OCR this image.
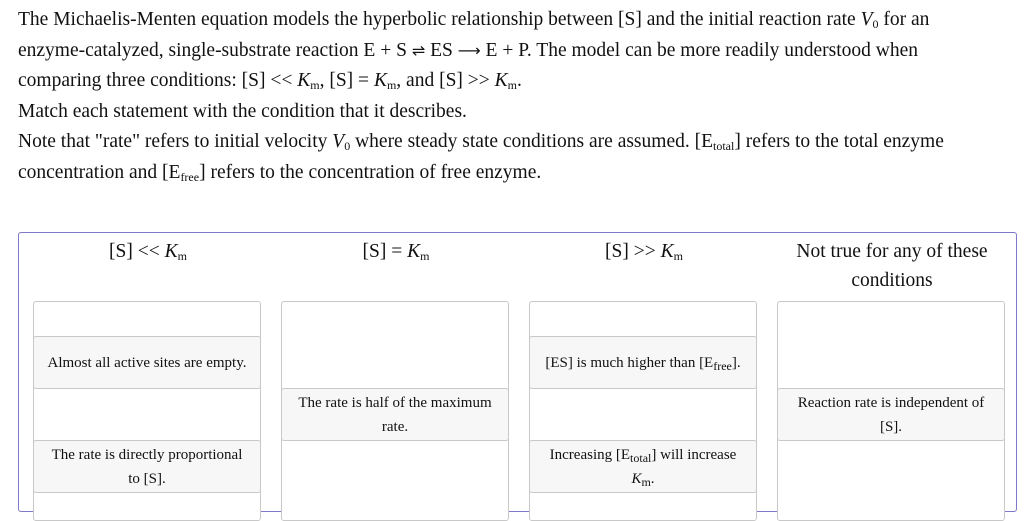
The Michaelis-Menten equation models the hyperbolic relationship between [S] and the initial reaction rate $V_0$ for an

enzyme-catalyzed, single-substrate reaction E + S ⇌ ES ⟶ E + P. The model can be more readily understood when

comparing three conditions: $[S] << K_m$, $[S] = K_m$, and $[S] >> K_m$.

Match each statement with the condition that it describes.

Note that "rate" refers to initial velocity $V_0$ where steady state conditions are assumed. $[E_{total}]$ refers to the total enzyme

concentration and $[E_{free}]$ refers to the concentration of free enzyme.

$[S] << K_m$	$[S] = K_m$	$[S] >> K_m$	Not true for any of these conditions
Almost all active sites are empty.
The rate is directly proportional to [S].
The rate is half of the maximum rate.
[ES] is much higher than $[E_{free}]$.
Increasing $[E_{total}]$ will increase $K_m$.
Reaction rate is independent of [S].
